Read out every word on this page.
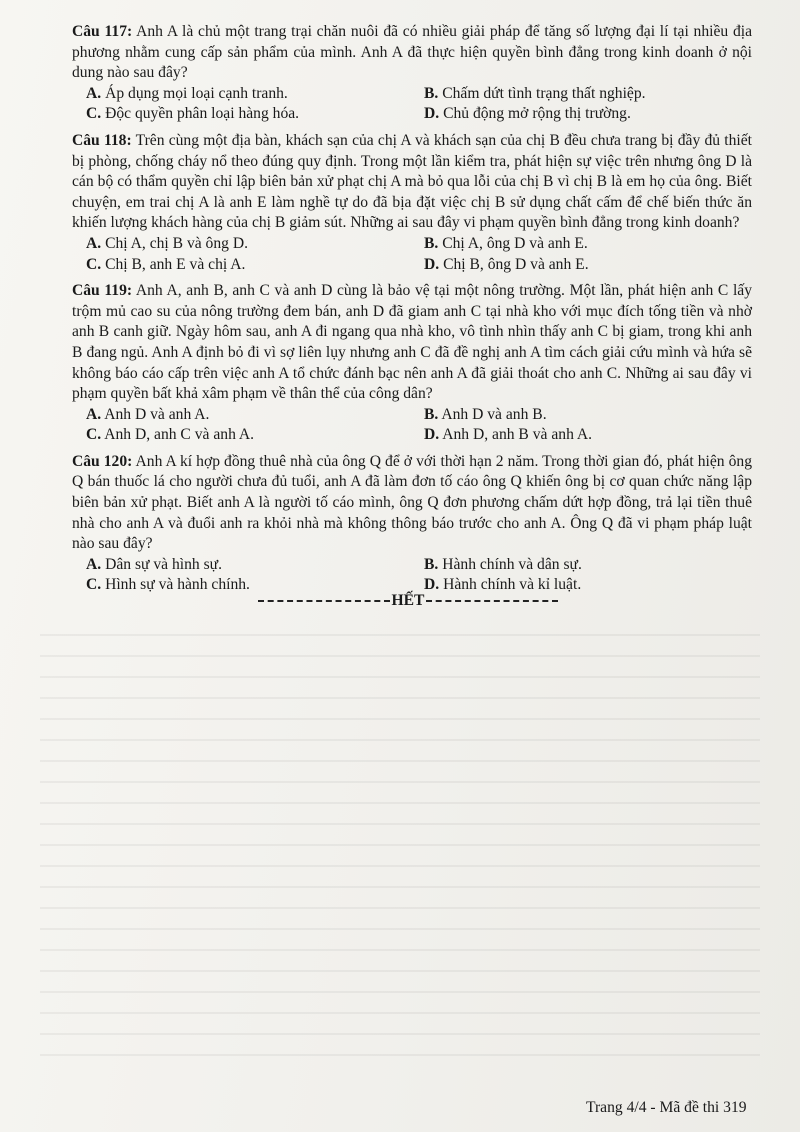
Câu 117: Anh A là chủ một trang trại chăn nuôi đã có nhiều giải pháp để tăng số lượng đại lí tại nhiều địa phương nhằm cung cấp sản phẩm của mình. Anh A đã thực hiện quyền bình đẳng trong kinh doanh ở nội dung nào sau đây?

A. Áp dụng mọi loại cạnh tranh.	B. Chấm dứt tình trạng thất nghiệp.
C. Độc quyền phân loại hàng hóa.	D. Chủ động mở rộng thị trường.

Câu 118: Trên cùng một địa bàn, khách sạn của chị A và khách sạn của chị B đều chưa trang bị đầy đủ thiết bị phòng, chống cháy nổ theo đúng quy định. Trong một lần kiểm tra, phát hiện sự việc trên nhưng ông D là cán bộ có thẩm quyền chỉ lập biên bản xử phạt chị A mà bỏ qua lỗi của chị B vì chị B là em họ của ông. Biết chuyện, em trai chị A là anh E làm nghề tự do đã bịa đặt việc chị B sử dụng chất cấm để chế biến thức ăn khiến lượng khách hàng của chị B giảm sút. Những ai sau đây vi phạm quyền bình đẳng trong kinh doanh?

A. Chị A, chị B và ông D.	B. Chị A, ông D và anh E.
C. Chị B, anh E và chị A.	D. Chị B, ông D và anh E.

Câu 119: Anh A, anh B, anh C và anh D cùng là bảo vệ tại một nông trường. Một lần, phát hiện anh C lấy trộm mủ cao su của nông trường đem bán, anh D đã giam anh C tại nhà kho với mục đích tống tiền và nhờ anh B canh giữ. Ngày hôm sau, anh A đi ngang qua nhà kho, vô tình nhìn thấy anh C bị giam, trong khi anh B đang ngủ. Anh A định bỏ đi vì sợ liên lụy nhưng anh C đã đề nghị anh A tìm cách giải cứu mình và hứa sẽ không báo cáo cấp trên việc anh A tổ chức đánh bạc nên anh A đã giải thoát cho anh C. Những ai sau đây vi phạm quyền bất khả xâm phạm về thân thể của công dân?

A. Anh D và anh A.	B. Anh D và anh B.
C. Anh D, anh C và anh A.	D. Anh D, anh B và anh A.

Câu 120: Anh A kí hợp đồng thuê nhà của ông Q để ở với thời hạn 2 năm. Trong thời gian đó, phát hiện ông Q bán thuốc lá cho người chưa đủ tuổi, anh A đã làm đơn tố cáo ông Q khiến ông bị cơ quan chức năng lập biên bản xử phạt. Biết anh A là người tố cáo mình, ông Q đơn phương chấm dứt hợp đồng, trả lại tiền thuê nhà cho anh A và đuổi anh ra khỏi nhà mà không thông báo trước cho anh A. Ông Q đã vi phạm pháp luật nào sau đây?

A. Dân sự và hình sự.	B. Hành chính và dân sự.
C. Hình sự và hành chính.	D. Hành chính và kỉ luật.
HẾT
Trang 4/4 - Mã đề thi 319
